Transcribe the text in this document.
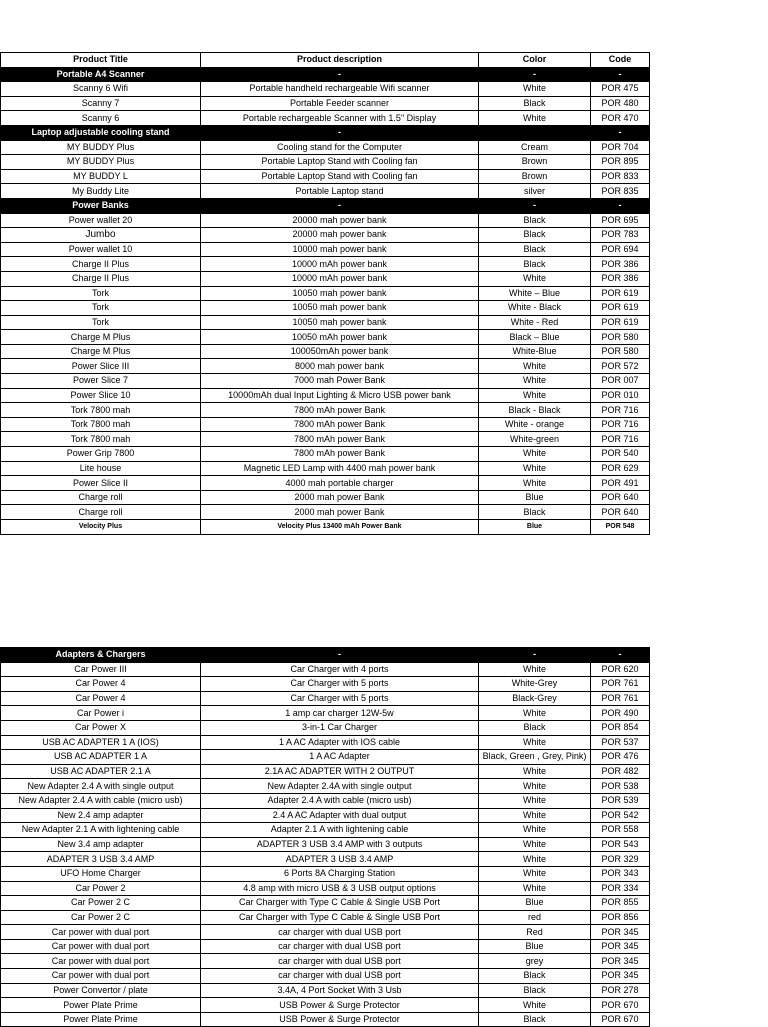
Product Title	Product description	Color	Code
Portable A4 Scanner	-	-	-
Scanny 6 Wifi	Portable handheld rechargeable Wifi scanner	White	POR 475
Scanny 7	Portable Feeder scanner	Black	POR 480
Scanny 6	Portable rechargeable Scanner with 1.5" Display	White	POR 470
Laptop adjustable cooling stand	-		-
MY BUDDY Plus	Cooling stand for the Computer	Cream	POR 704
MY BUDDY Plus	Portable Laptop Stand with Cooling fan	Brown	POR 895
MY BUDDY L	Portable Laptop Stand with Cooling fan	Brown	POR 833
My Buddy Lite	Portable Laptop stand	silver	POR 835
Power Banks	-	-	-
Power wallet 20	20000 mah power bank	Black	POR 695
Jumbo	20000 mah power bank	Black	POR 783
Power wallet 10	10000 mah power bank	Black	POR 694
Charge II Plus	10000 mAh power bank	Black	POR 386
Charge II Plus	10000 mAh power bank	White	POR 386
Tork	10050 mah power bank	White – Blue	POR 619
Tork	10050 mah power bank	White - Black	POR 619
Tork	10050 mah power bank	White - Red	POR 619
Charge M Plus	10050 mAh power bank	Black – Blue	POR 580
Charge M Plus	100050mAh power bank	White-Blue	POR 580
Power Slice III	8000 mah power bank	White	POR 572
Power Slice 7	7000 mah Power Bank	White	POR 007
Power Slice 10	10000mAh dual Input Lighting & Micro USB power bank	White	POR 010
Tork 7800 mah	7800 mAh power Bank	Black - Black	POR 716
Tork 7800 mah	7800 mAh power Bank	White - orange	POR 716
Tork 7800 mah	7800 mAh power Bank	White-green	POR 716
Power Grip 7800	7800 mAh power Bank	White	POR 540
Lite house	Magnetic LED Lamp with 4400 mah power bank	White	POR 629
Power Slice II	4000 mah portable charger	White	POR 491
Charge roll	2000 mah power Bank	Blue	POR 640
Charge roll	2000 mah power Bank	Black	POR 640
Velocity Plus	Velocity Plus 13400 mAh Power Bank	Blue	POR 548
Adapters & Chargers	-	-	-
Car Power III	Car Charger with 4 ports	White	POR 620
Car Power 4	Car Charger with 5 ports	White-Grey	POR 761
Car Power 4	Car Charger with 5 ports	Black-Grey	POR 761
Car Power i	1 amp car charger 12W-5w	White	POR 490
Car Power X	3-in-1 Car Charger	Black	POR 854
USB AC ADAPTER 1 A (IOS)	1 A AC Adapter with IOS cable	White	POR 537
USB AC ADAPTER 1 A	1 A AC Adapter	Black, Green , Grey, Pink)	POR 476
USB AC ADAPTER 2.1 A	2.1A AC ADAPTER WITH 2 OUTPUT	White	POR 482
New Adapter 2.4 A with single output	New Adapter 2.4A with single output	White	POR 538
New Adapter 2.4 A with cable (micro usb)	Adapter 2.4 A with cable (micro usb)	White	POR 539
New 2.4 amp adapter	2.4 A AC Adapter with dual output	White	POR 542
New Adapter 2.1 A with lightening cable	Adapter 2.1 A with lightening cable	White	POR 558
New 3.4 amp adapter	ADAPTER 3 USB 3.4 AMP with 3 outputs	White	POR 543
ADAPTER 3 USB 3.4 AMP	ADAPTER 3 USB 3.4 AMP	White	POR 329
UFO Home Charger	6 Ports 8A Charging Station	White	POR 343
Car Power 2	4.8 amp with micro USB & 3 USB output options	White	POR 334
Car Power 2 C	Car Charger with Type C Cable & Single USB Port	Blue	POR 855
Car Power 2 C	Car Charger with Type C Cable & Single USB Port	red	POR 856
Car power with dual port	car charger with dual USB port	Red	POR 345
Car power with dual port	car charger with dual USB port	Blue	POR 345
Car power with dual port	car charger with dual USB port	grey	POR 345
Car power with dual port	car charger with dual USB port	Black	POR 345
Power Convertor / plate	3.4A, 4 Port Socket With 3 Usb	Black	POR 278
Power Plate Prime	USB Power & Surge Protector	White	POR 670
Power Plate Prime	USB Power & Surge Protector	Black	POR 670
